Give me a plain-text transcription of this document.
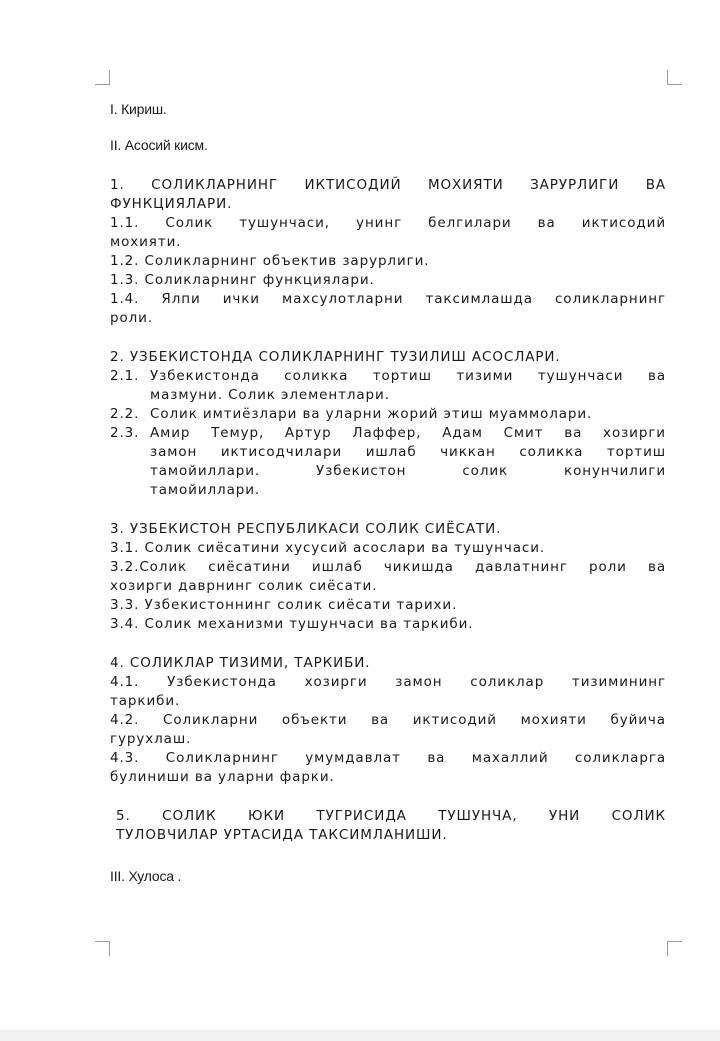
I. Кириш.

II. Асосий кисм.

1. СОЛИКЛАРНИНГ ИКТИСОДИЙ МОХИЯТИ ЗАРУРЛИГИ ВА
ФУНКЦИЯЛАРИ.
1.1. Солик тушунчаси, унинг белгилари ва иктисодий
мохияти.
1.2. Соликларнинг объектив зарурлиги.
1.3. Соликларнинг функциялари.
1.4. Ялпи ички махсулотларни таксимлашда соликларнинг
роли.
2. УЗБЕКИСТОНДА СОЛИКЛАРНИНГ ТУЗИЛИШ АСОСЛАРИ.
2.1. Узбекистонда соликка тортиш тизими тушунчаси ва
мазмуни. Солик элементлари.
2.2. Солик имтиёзлари ва уларни жорий этиш муаммолари.
2.3. Амир Темур, Артур Лаффер, Адам Смит ва хозирги
замон иктисодчилари ишлаб чиккан соликка тортиш
тамойиллари. Узбекистон солик конунчилиги
тамойиллари.
3. УЗБЕКИСТОН РЕСПУБЛИКАСИ СОЛИК СИЁСАТИ.
3.1. Солик сиёсатини хусусий асослари ва тушунчаси.
3.2.Солик сиёсатини ишлаб чикишда давлатнинг роли ва
хозирги даврнинг солик сиёсати.
3.3. Узбекистоннинг солик сиёсати тарихи.
3.4. Солик механизми тушунчаси ва таркиби.
4. СОЛИКЛАР ТИЗИМИ, ТАРКИБИ.
4.1. Узбекистонда хозирги замон соликлар тизимининг
таркиби.
4.2. Соликларни объекти ва иктисодий мохияти буйича
гурухлаш.
4.3. Соликларнинг умумдавлат ва махаллий соликларга
булиниши ва уларни фарки.
5. СОЛИК ЮКИ ТУГРИСИДА ТУШУНЧА, УНИ СОЛИК
ТУЛОВЧИЛАР УРТАСИДА ТАКСИМЛАНИШИ.

III. Хулоса .
